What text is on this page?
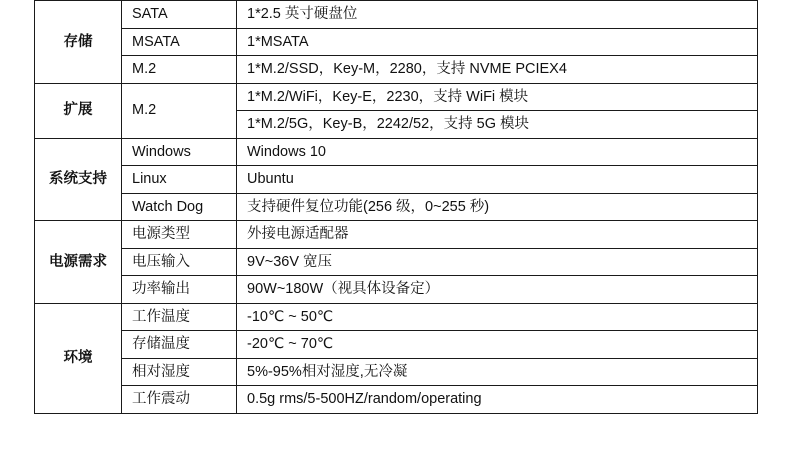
存储	SATA	1*2.5 英寸硬盘位
	MSATA	1*MSATA
	M.2	1*M.2/SSD，Key-M，2280，支持 NVME PCIEX4
扩展	M.2	1*M.2/WiFi，Key-E，2230，支持 WiFi 模块
		1*M.2/5G，Key-B，2242/52，支持 5G 模块
系统支持	Windows	Windows 10
	Linux	Ubuntu
	Watch Dog	支持硬件复位功能(256 级，0~255 秒)
电源需求	电源类型	外接电源适配器
	电压输入	9V~36V 宽压
	功率输出	90W~180W（视具体设备定）
环境	工作温度	-10℃ ~ 50℃
	存储温度	-20℃ ~ 70℃
	相对湿度	5%-95%相对湿度,无冷凝
	工作震动	0.5g rms/5-500HZ/random/operating
